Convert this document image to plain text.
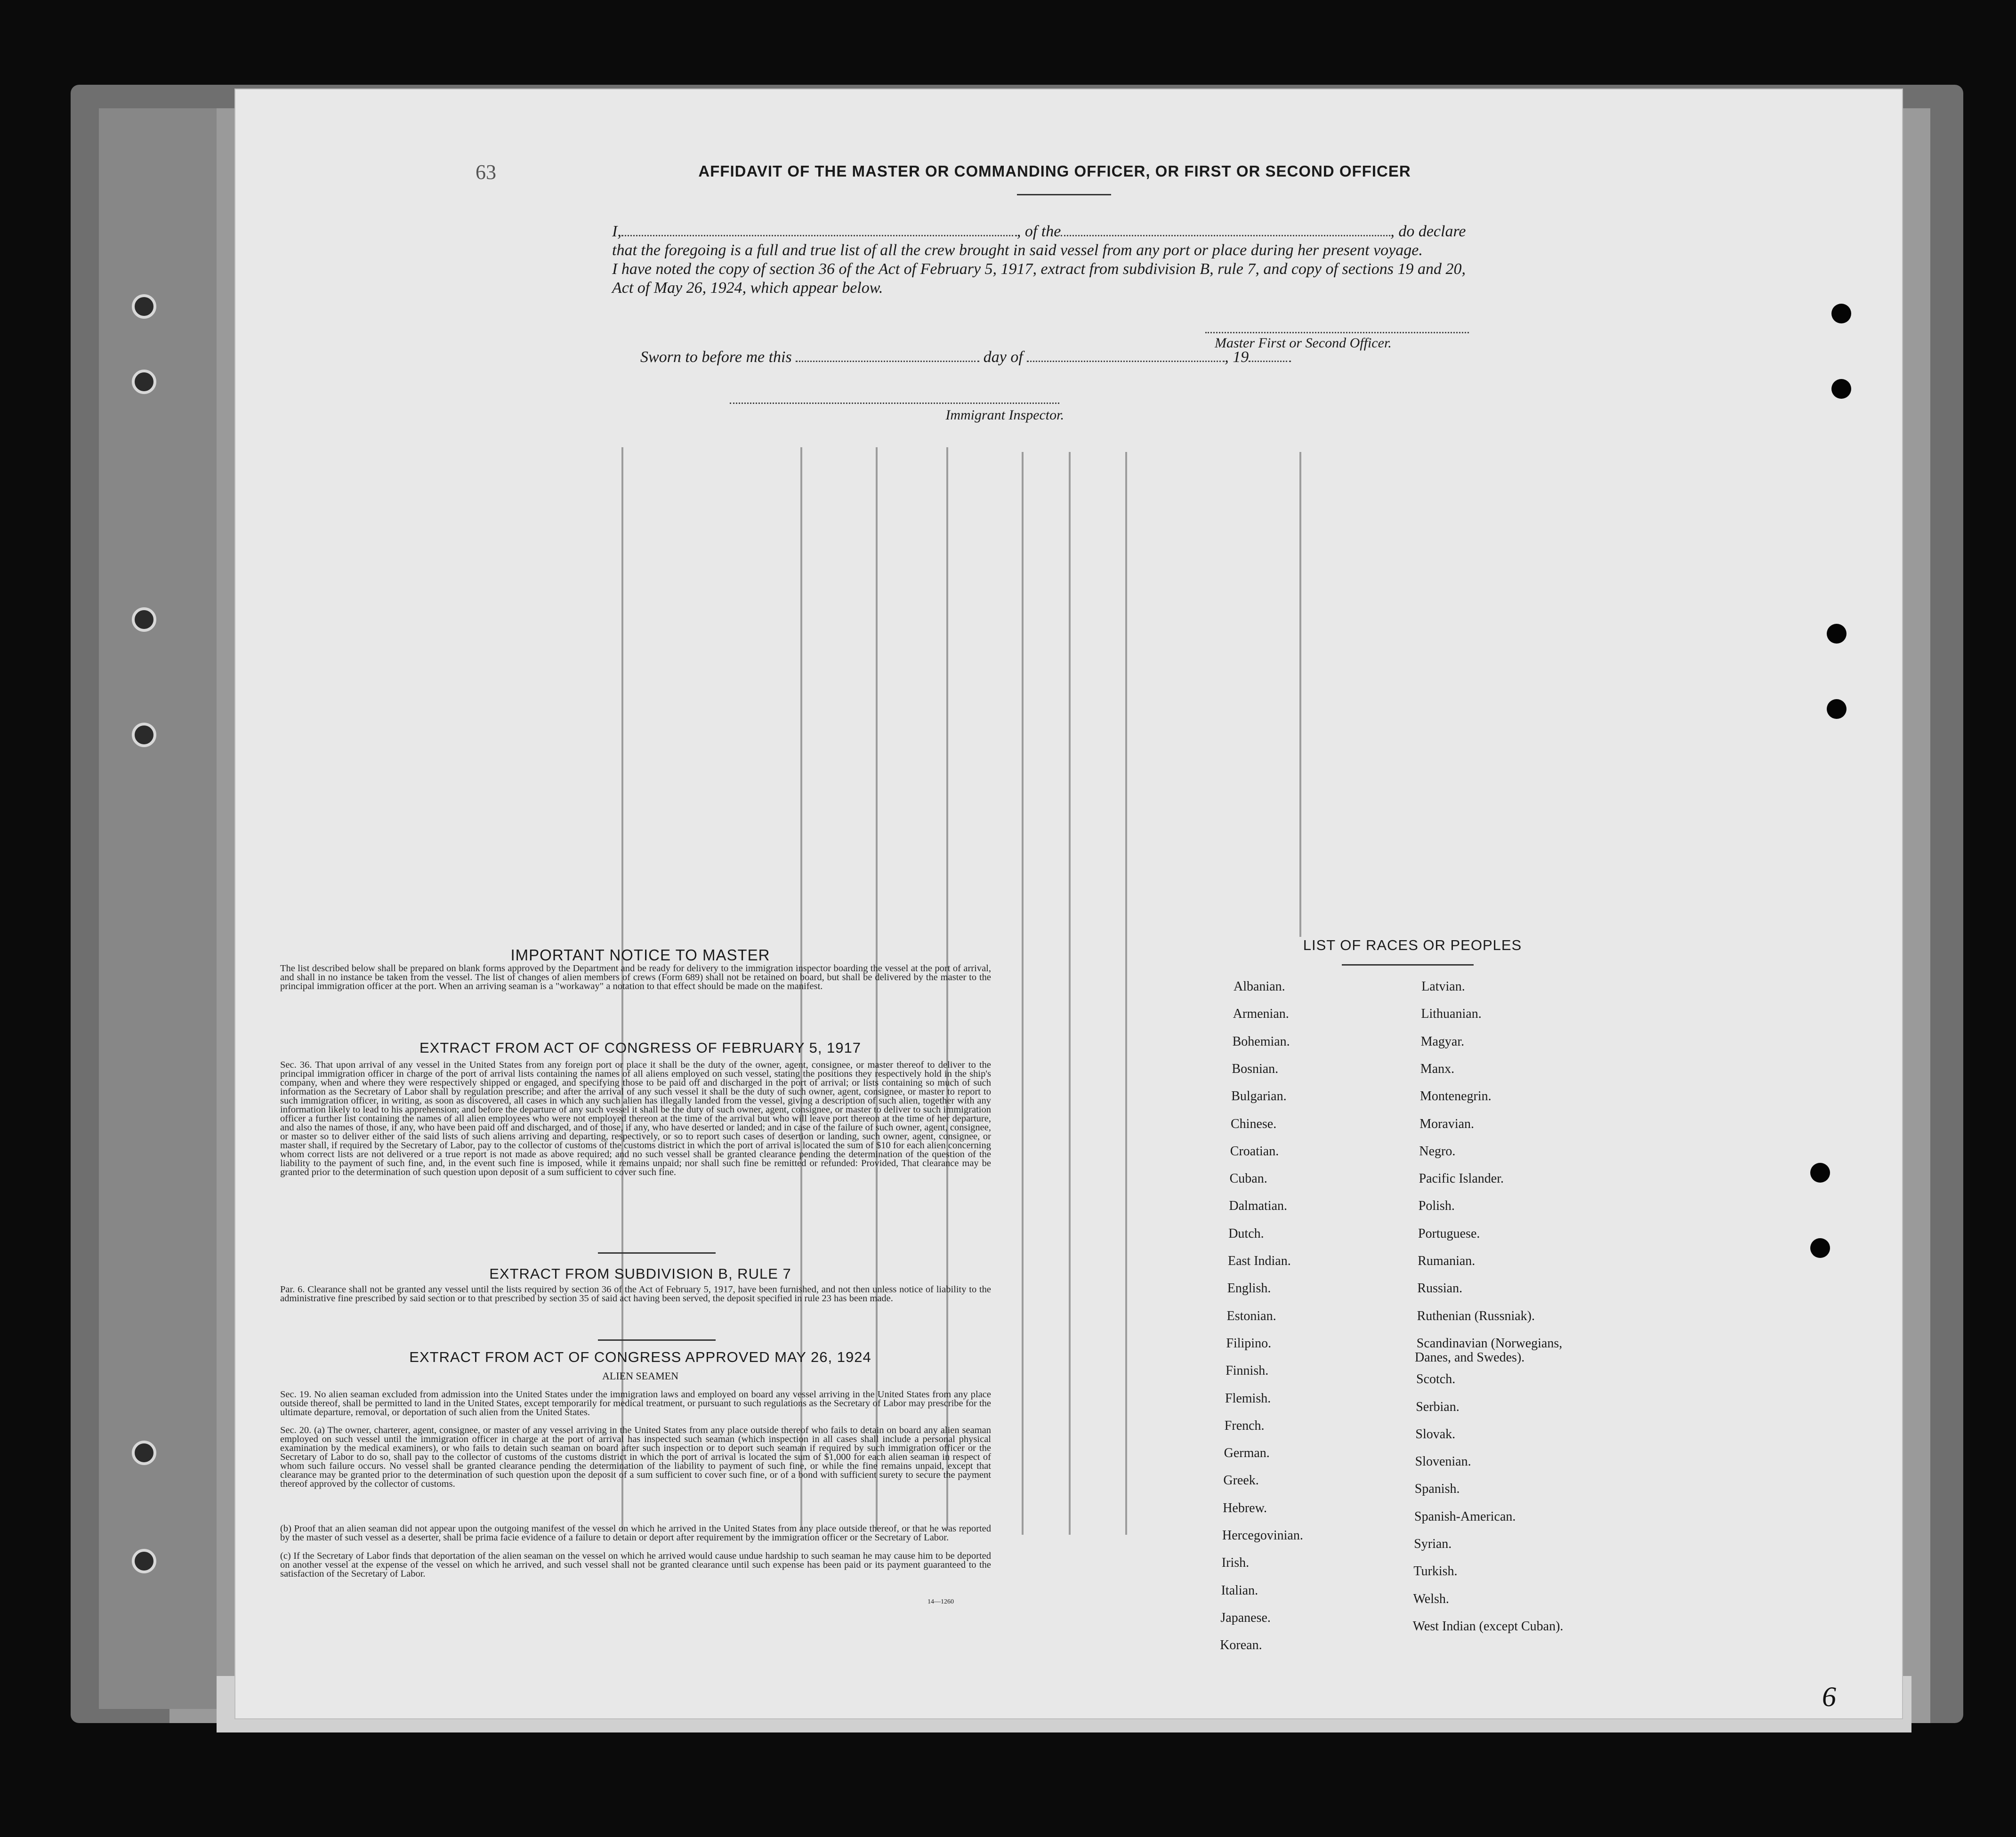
63	AFFIDAVIT OF THE MASTER OR COMMANDING OFFICER, OR FIRST OR SECOND OFFICER
I,	, of the	, do declare
that the foregoing is a full and true list of all the crew brought in said vessel from any port or place during her present voyage.
I have noted the copy of section 36 of the Act of February 5, 1917, extract from subdivision B, rule 7, and copy of sections 19 and 20,
Act of May 26, 1924, which appear below.
Master First or Second Officer.
Sworn to before me this	day of	, 19
Immigrant Inspector.
IMPORTANT NOTICE TO MASTER
The list described below shall be prepared on blank forms approved by the Department and be ready for delivery to the immigration inspector boarding the vessel at the port of arrival, and shall in no instance be taken from the vessel. The list of changes of alien members of crews (Form 689) shall not be retained on board, but shall be delivered by the master to the principal immigration officer at the port. When an arriving seaman is a "workaway" a notation to that effect should be made on the manifest.
EXTRACT FROM ACT OF CONGRESS OF FEBRUARY 5, 1917
Sec. 36. That upon arrival of any vessel in the United States from any foreign port or place it shall be the duty of the owner, agent, consignee, or master thereof to deliver to the principal immigration officer in charge of the port of arrival lists containing the names of all aliens employed on such vessel, stating the positions they respectively hold in the ship's company, when and where they were respectively shipped or engaged, and specifying those to be paid off and discharged in the port of arrival; or lists containing so much of such information as the Secretary of Labor shall by regulation prescribe; and after the arrival of any such vessel it shall be the duty of such owner, agent, consignee, or master to report to such immigration officer, in writing, as soon as discovered, all cases in which any such alien has illegally landed from the vessel, giving a description of such alien, together with any information likely to lead to his apprehension; and before the departure of any such vessel it shall be the duty of such owner, agent, consignee, or master to deliver to such immigration officer a further list containing the names of all alien employees who were not employed thereon at the time of the arrival but who will leave port thereon at the time of her departure, and also the names of those, if any, who have been paid off and discharged, and of those, if any, who have deserted or landed; and in case of the failure of such owner, agent, consignee, or master so to deliver either of the said lists of such aliens arriving and departing, respectively, or so to report such cases of desertion or landing, such owner, agent, consignee, or master shall, if required by the Secretary of Labor, pay to the collector of customs of the customs district in which the port of arrival is located the sum of $10 for each alien concerning whom correct lists are not delivered or a true report is not made as above required; and no such vessel shall be granted clearance pending the determination of the question of the liability to the payment of such fine, and, in the event such fine is imposed, while it remains unpaid; nor shall such fine be remitted or refunded: Provided, That clearance may be granted prior to the determination of such question upon deposit of a sum sufficient to cover such fine.
EXTRACT FROM SUBDIVISION B, RULE 7
Par. 6. Clearance shall not be granted any vessel until the lists required by section 36 of the Act of February 5, 1917, have been furnished, and not then unless notice of liability to the administrative fine prescribed by said section or to that prescribed by section 35 of said act having been served, the deposit specified in rule 23 has been made.
EXTRACT FROM ACT OF CONGRESS APPROVED MAY 26, 1924
ALIEN SEAMEN
Sec. 19. No alien seaman excluded from admission into the United States under the immigration laws and employed on board any vessel arriving in the United States from any place outside thereof, shall be permitted to land in the United States, except temporarily for medical treatment, or pursuant to such regulations as the Secretary of Labor may prescribe for the ultimate departure, removal, or deportation of such alien from the United States.
Sec. 20. (a) The owner, charterer, agent, consignee, or master of any vessel arriving in the United States from any place outside thereof who fails to detain on board any alien seaman employed on such vessel until the immigration officer in charge at the port of arrival has inspected such seaman (which inspection in all cases shall include a personal physical examination by the medical examiners), or who fails to detain such seaman on board after such inspection or to deport such seaman if required by such immigration officer or the Secretary of Labor to do so, shall pay to the collector of customs of the customs district in which the port of arrival is located the sum of $1,000 for each alien seaman in respect of whom such failure occurs. No vessel shall be granted clearance pending the determination of the liability to payment of such fine, or while the fine remains unpaid, except that clearance may be granted prior to the determination of such question upon the deposit of a sum sufficient to cover such fine, or of a bond with sufficient surety to secure the payment thereof approved by the collector of customs.
(b) Proof that an alien seaman did not appear upon the outgoing manifest of the vessel on which he arrived in the United States from any place outside thereof, or that he was reported by the master of such vessel as a deserter, shall be prima facie evidence of a failure to detain or deport after requirement by the immigration officer or the Secretary of Labor.
(c) If the Secretary of Labor finds that deportation of the alien seaman on the vessel on which he arrived would cause undue hardship to such seaman he may cause him to be deported on another vessel at the expense of the vessel on which he arrived, and such vessel shall not be granted clearance until such expense has been paid or its payment guaranteed to the satisfaction of the Secretary of Labor.
14—1260
LIST OF RACES OR PEOPLES
Albanian.
Armenian.
Bohemian.
Bosnian.
Bulgarian.
Chinese.
Croatian.
Cuban.
Dalmatian.
Dutch.
East Indian.
English.
Estonian.
Filipino.
Finnish.
Flemish.
French.
German.
Greek.
Hebrew.
Hercegovinian.
Irish.
Italian.
Japanese.
Korean.
Latvian.
Lithuanian.
Magyar.
Manx.
Montenegrin.
Moravian.
Negro.
Pacific Islander.
Polish.
Portuguese.
Rumanian.
Russian.
Ruthenian (Russniak).
Scandinavian (Norwegians,
Danes, and Swedes).
Scotch.
Serbian.
Slovak.
Slovenian.
Spanish.
Spanish-American.
Syrian.
Turkish.
Welsh.
West Indian (except Cuban).
6
